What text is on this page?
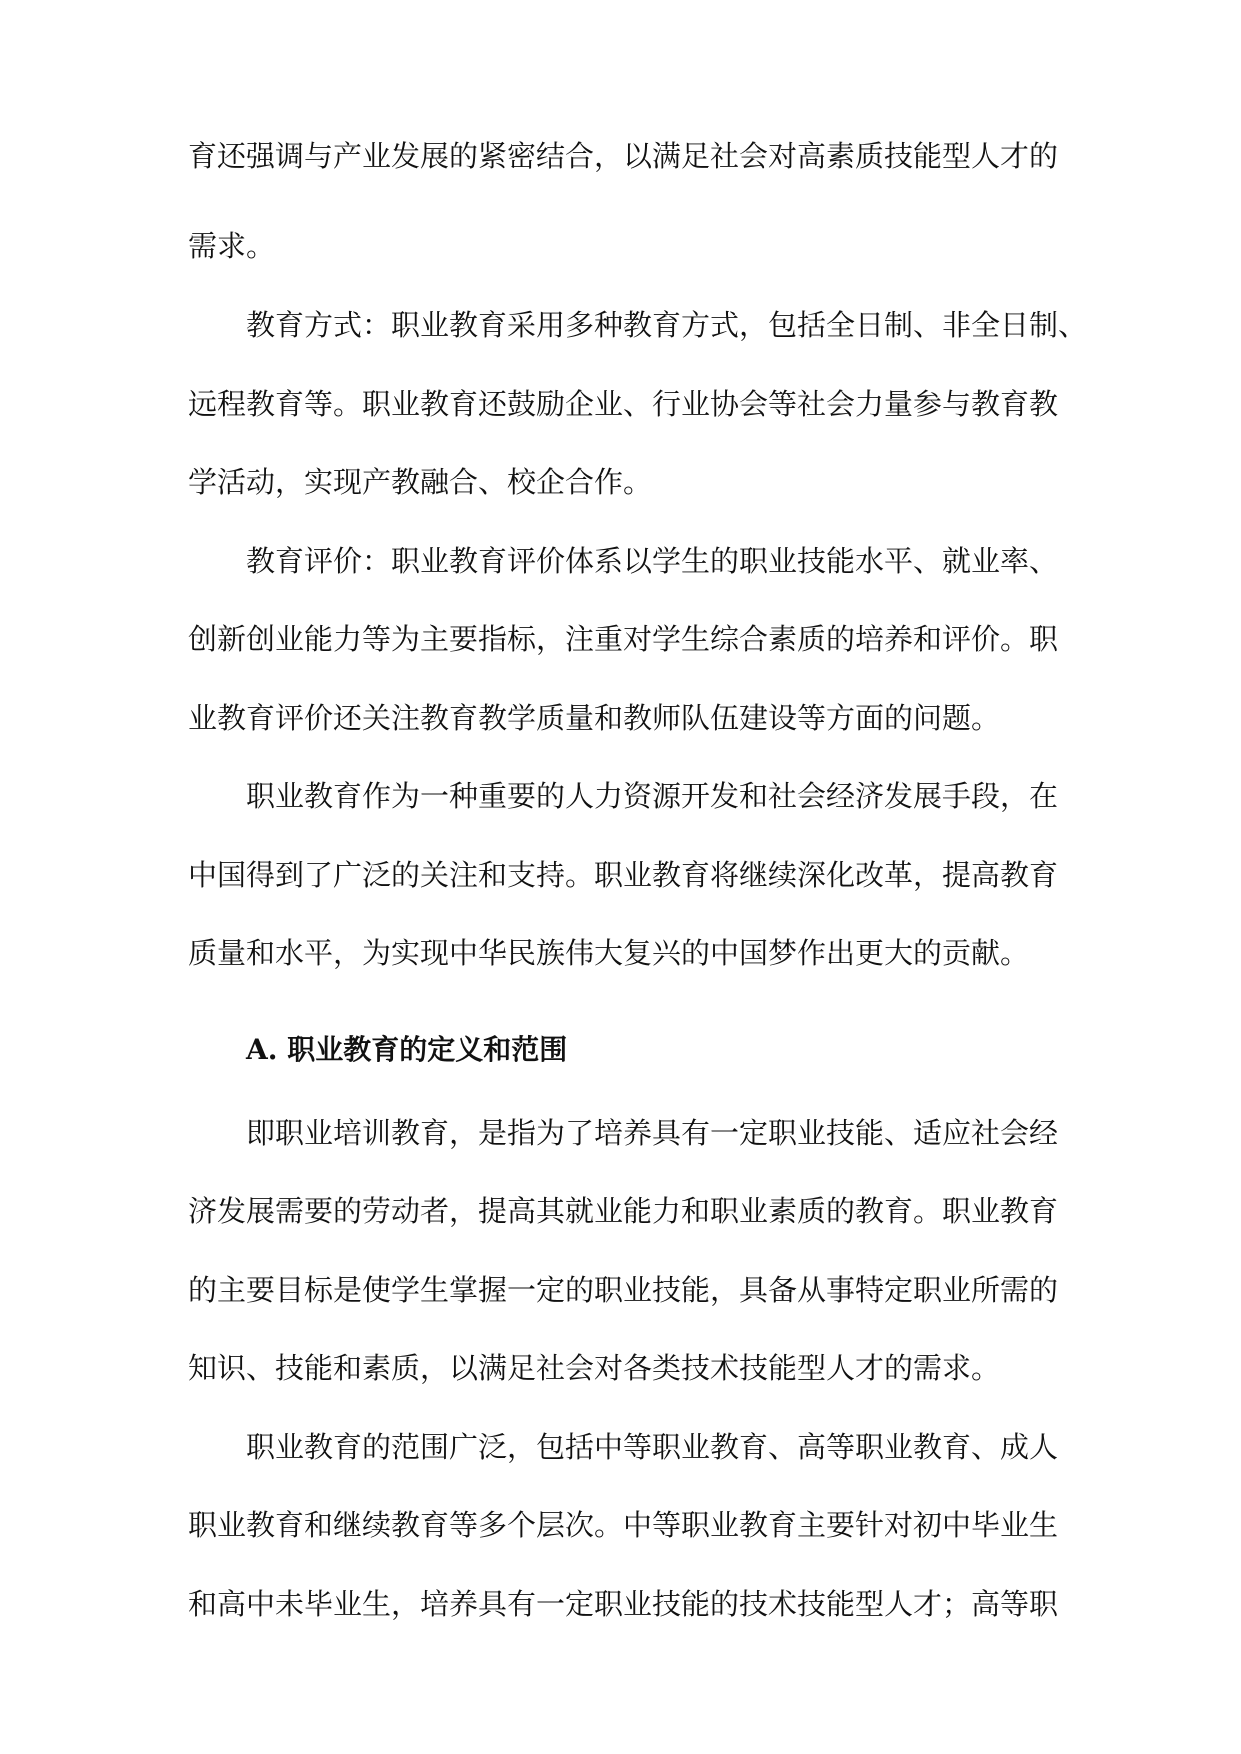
育还强调与产业发展的紧密结合，以满足社会对高素质技能型人才的
需求。
教育方式：职业教育采用多种教育方式，包括全日制、非全日制、
远程教育等。职业教育还鼓励企业、行业协会等社会力量参与教育教
学活动，实现产教融合、校企合作。
教育评价：职业教育评价体系以学生的职业技能水平、就业率、
创新创业能力等为主要指标，注重对学生综合素质的培养和评价。职
业教育评价还关注教育教学质量和教师队伍建设等方面的问题。
职业教育作为一种重要的人力资源开发和社会经济发展手段，在
中国得到了广泛的关注和支持。职业教育将继续深化改革，提高教育
质量和水平，为实现中华民族伟大复兴的中国梦作出更大的贡献。
A. 职业教育的定义和范围
即职业培训教育，是指为了培养具有一定职业技能、适应社会经
济发展需要的劳动者，提高其就业能力和职业素质的教育。职业教育
的主要目标是使学生掌握一定的职业技能，具备从事特定职业所需的
知识、技能和素质，以满足社会对各类技术技能型人才的需求。
职业教育的范围广泛，包括中等职业教育、高等职业教育、成人
职业教育和继续教育等多个层次。中等职业教育主要针对初中毕业生
和高中未毕业生，培养具有一定职业技能的技术技能型人才；高等职
